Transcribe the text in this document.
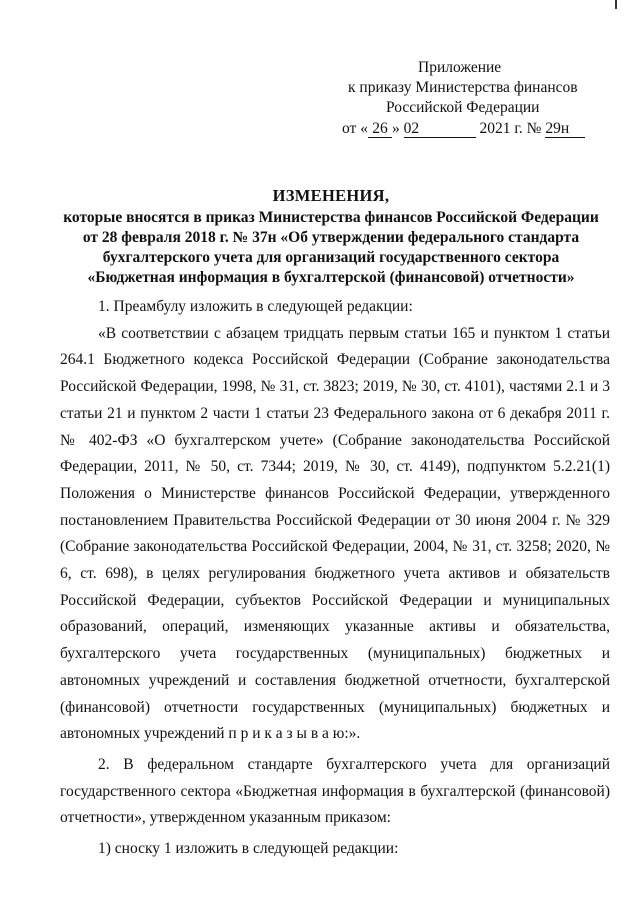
Приложение
к приказу Министерства финансов
Российской Федерации
от « 26 » 02	2021 г. № 29н
ИЗМЕНЕНИЯ,
которые вносятся в приказ Министерства финансов Российской Федерации
от 28 февраля 2018 г. № 37н «Об утверждении федерального стандарта
бухгалтерского учета для организаций государственного сектора
«Бюджетная информация в бухгалтерской (финансовой) отчетности»

1. Преамбулу изложить в следующей редакции:

«В соответствии с абзацем тридцать первым статьи 165 и пунктом 1 статьи 264.1 Бюджетного кодекса Российской Федерации (Собрание законодательства Российской Федерации, 1998, № 31, ст. 3823; 2019, № 30, ст. 4101), частями 2.1 и 3 статьи 21 и пунктом 2 части 1 статьи 23 Федерального закона от 6 декабря 2011 г. № 402-ФЗ «О бухгалтерском учете» (Собрание законодательства Российской Федерации, 2011, № 50, ст. 7344; 2019, № 30, ст. 4149), подпунктом 5.2.21(1) Положения о Министерстве финансов Российской Федерации, утвержденного постановлением Правительства Российской Федерации от 30 июня 2004 г. № 329 (Собрание законодательства Российской Федерации, 2004, № 31, ст. 3258; 2020, № 6, ст. 698), в целях регулирования бюджетного учета активов и обязательств Российской Федерации, субъектов Российской Федерации и муниципальных образований, операций, изменяющих указанные активы и обязательства, бухгалтерского учета государственных (муниципальных) бюджетных и автономных учреждений и составления бюджетной отчетности, бухгалтерской (финансовой) отчетности государственных (муниципальных) бюджетных и автономных учреждений п р и к а з ы в а ю:».

2. В федеральном стандарте бухгалтерского учета для организаций государственного сектора «Бюджетная информация в бухгалтерской (финансовой) отчетности», утвержденном указанным приказом:

1) сноску 1 изложить в следующей редакции:
